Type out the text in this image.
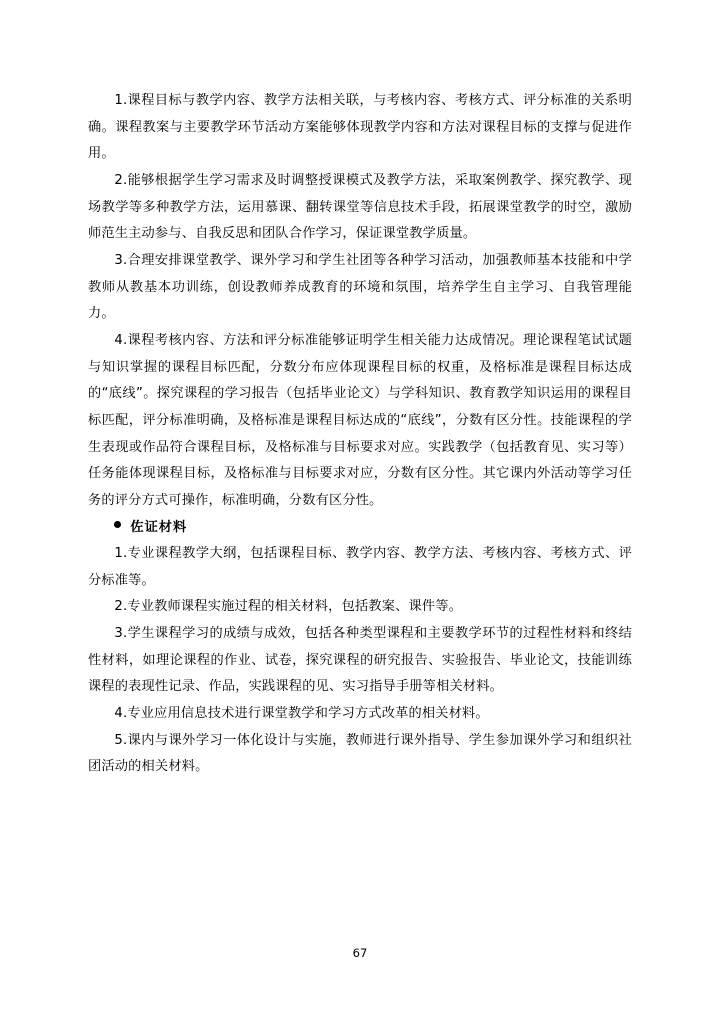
1.课程目标与教学内容、教学方法相关联，与考核内容、考核方式、评分标准的关系明确。课程教案与主要教学环节活动方案能够体现教学内容和方法对课程目标的支撑与促进作用。

2.能够根据学生学习需求及时调整授课模式及教学方法，采取案例教学、探究教学、现场教学等多种教学方法，运用慕课、翻转课堂等信息技术手段，拓展课堂教学的时空，激励师范生主动参与、自我反思和团队合作学习，保证课堂教学质量。

3.合理安排课堂教学、课外学习和学生社团等各种学习活动，加强教师基本技能和中学教师从教基本功训练，创设教师养成教育的环境和氛围，培养学生自主学习、自我管理能力。

4.课程考核内容、方法和评分标准能够证明学生相关能力达成情况。理论课程笔试试题与知识掌握的课程目标匹配，分数分布应体现课程目标的权重，及格标准是课程目标达成的“底线”。探究课程的学习报告（包括毕业论文）与学科知识、教育教学知识运用的课程目标匹配，评分标准明确，及格标准是课程目标达成的“底线”，分数有区分性。技能课程的学生表现或作品符合课程目标，及格标准与目标要求对应。实践教学（包括教育见、实习等）任务能体现课程目标，及格标准与目标要求对应，分数有区分性。其它课内外活动等学习任务的评分方式可操作，标准明确，分数有区分性。

佐证材料

1.专业课程教学大纲，包括课程目标、教学内容、教学方法、考核内容、考核方式、评分标准等。

2.专业教师课程实施过程的相关材料，包括教案、课件等。

3.学生课程学习的成绩与成效，包括各种类型课程和主要教学环节的过程性材料和终结性材料，如理论课程的作业、试卷，探究课程的研究报告、实验报告、毕业论文，技能训练课程的表现性记录、作品，实践课程的见、实习指导手册等相关材料。

4.专业应用信息技术进行课堂教学和学习方式改革的相关材料。

5.课内与课外学习一体化设计与实施，教师进行课外指导、学生参加课外学习和组织社团活动的相关材料。

67
